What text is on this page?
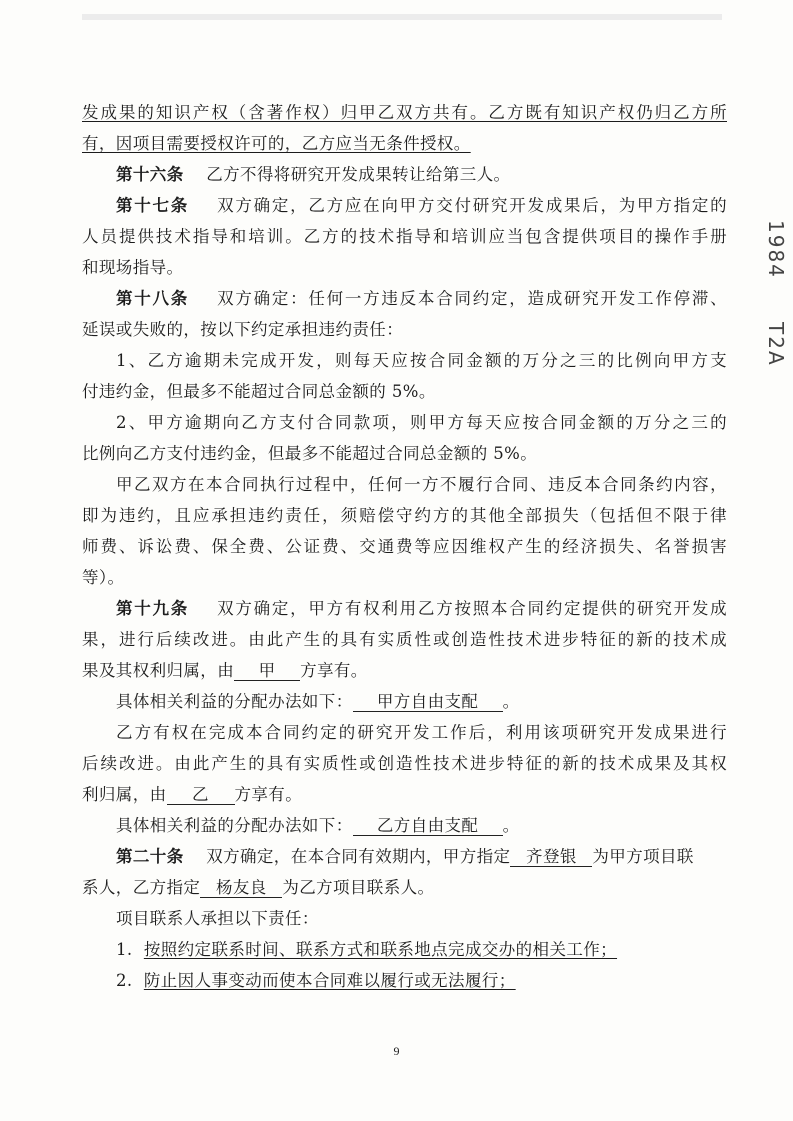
发成果的知识产权（含著作权）归甲乙双方共有。乙方既有知识产权仍归乙方所
有，因项目需要授权许可的，乙方应当无条件授权。
第十六条 乙方不得将研究开发成果转让给第三人。
第十七条 双方确定，乙方应在向甲方交付研究开发成果后，为甲方指定的
人员提供技术指导和培训。乙方的技术指导和培训应当包含提供项目的操作手册
和现场指导。
第十八条 双方确定：任何一方违反本合同约定，造成研究开发工作停滞、
延误或失败的，按以下约定承担违约责任：
1、乙方逾期未完成开发，则每天应按合同金额的万分之三的比例向甲方支
付违约金，但最多不能超过合同总金额的 5%。
2、甲方逾期向乙方支付合同款项，则甲方每天应按合同金额的万分之三的
比例向乙方支付违约金，但最多不能超过合同总金额的 5%。
甲乙双方在本合同执行过程中，任何一方不履行合同、违反本合同条约内容，
即为违约，且应承担违约责任，须赔偿守约方的其他全部损失（包括但不限于律
师费、诉讼费、保全费、公证费、交通费等应因维权产生的经济损失、名誉损害
等）。
第十九条 双方确定，甲方有权利用乙方按照本合同约定提供的研究开发成
果，进行后续改进。由此产生的具有实质性或创造性技术进步特征的新的技术成
果及其权利归属，由 甲 方享有。
具体相关利益的分配办法如下： 甲方自由支配 。
乙方有权在完成本合同约定的研究开发工作后，利用该项研究开发成果进行
后续改进。由此产生的具有实质性或创造性技术进步特征的新的技术成果及其权
利归属，由 乙 方享有。
具体相关利益的分配办法如下： 乙方自由支配 。
第二十条 双方确定，在本合同有效期内，甲方指定 齐登银 为甲方项目联
系人，乙方指定 杨友良 为乙方项目联系人。
项目联系人承担以下责任：
1. 按照约定联系时间、联系方式和联系地点完成交办的相关工作；
2. 防止因人事变动而使本合同难以履行或无法履行；
1984
T2A
9
